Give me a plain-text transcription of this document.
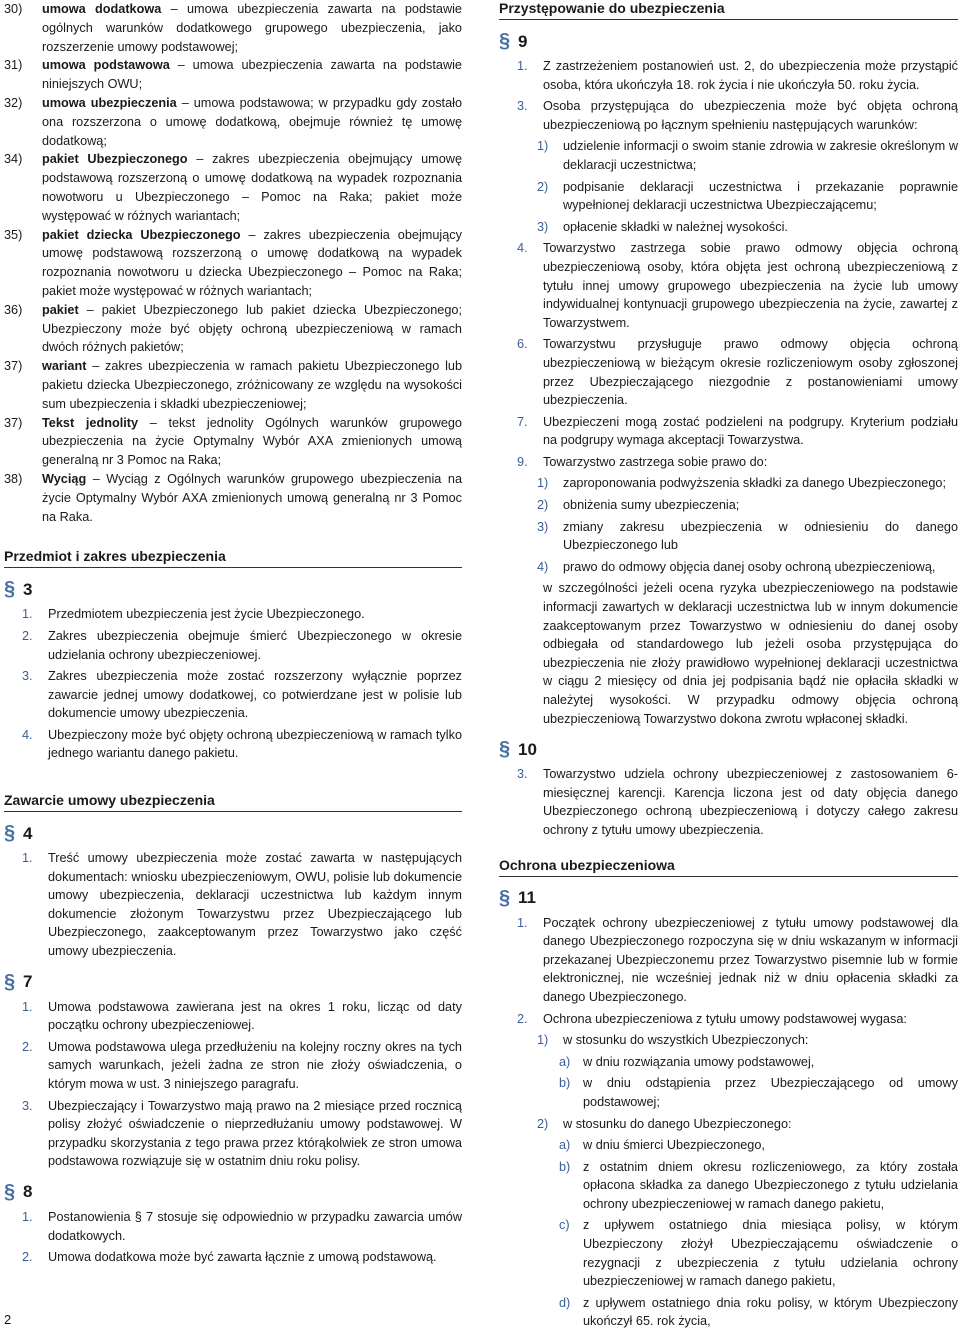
30)	umowa dodatkowa – umowa ubezpieczenia zawarta na podstawie ogólnych warunków dodatkowego grupowego ubezpieczenia, jako rozszerzenie umowy podstawowej;
31)	umowa podstawowa – umowa ubezpieczenia zawarta na podstawie niniejszych OWU;
32)	umowa ubezpieczenia – umowa podstawowa; w przypadku gdy zostało ona rozszerzona o umowę dodatkową, obejmuje również tę umowę dodatkową;
34)	pakiet Ubezpieczonego – zakres ubezpieczenia obejmujący umowę podstawową rozszerzoną o umowę dodatkową na wypadek rozpoznania nowotworu u Ubezpieczonego – Pomoc na Raka; pakiet może występować w różnych wariantach;
35)	pakiet dziecka Ubezpieczonego – zakres ubezpieczenia obejmujący umowę podstawową rozszerzoną o umowę dodatkową na wypadek rozpoznania nowotworu u dziecka Ubezpieczonego – Pomoc na Raka; pakiet może występować w różnych wariantach;
36)	pakiet – pakiet Ubezpieczonego lub pakiet dziecka Ubezpieczonego; Ubezpieczony może być objęty ochroną ubezpieczeniową w ramach dwóch różnych pakietów;
37)	wariant – zakres ubezpieczenia w ramach pakietu Ubezpieczonego lub pakietu dziecka Ubezpieczonego, zróżnicowany ze względu na wysokości sum ubezpieczenia i składki ubezpieczeniowej;
37)	Tekst jednolity – tekst jednolity Ogólnych warunków grupowego ubezpieczenia na życie Optymalny Wybór AXA zmienionych umową generalną nr 3 Pomoc na Raka;
38)	Wyciąg – Wyciąg z Ogólnych warunków grupowego ubezpieczenia na życie Optymalny Wybór AXA zmienionych umową generalną nr 3 Pomoc na Raka.
Przedmiot i zakres ubezpieczenia
§ 3
1.	Przedmiotem ubezpieczenia jest życie Ubezpieczonego.
2.	Zakres ubezpieczenia obejmuje śmierć Ubezpieczonego w okresie udzielania ochrony ubezpieczeniowej.
3.	Zakres ubezpieczenia może zostać rozszerzony wyłącznie poprzez zawarcie jednej umowy dodatkowej, co potwierdzane jest w polisie lub dokumencie umowy ubezpieczenia.
4.	Ubezpieczony może być objęty ochroną ubezpieczeniową w ramach tylko jednego wariantu danego pakietu.
Zawarcie umowy ubezpieczenia
§ 4
1.	Treść umowy ubezpieczenia może zostać zawarta w następujących dokumentach: wniosku ubezpieczeniowym, OWU, polisie lub dokumencie umowy ubezpieczenia, deklaracji uczestnictwa lub każdym innym dokumencie złożonym Towarzystwu przez Ubezpieczającego lub Ubezpieczonego, zaakceptowanym przez Towarzystwo jako część umowy ubezpieczenia.
§ 7
1.	Umowa podstawowa zawierana jest na okres 1 roku, licząc od daty początku ochrony ubezpieczeniowej.
2.	Umowa podstawowa ulega przedłużeniu na kolejny roczny okres na tych samych warunkach, jeżeli żadna ze stron nie złoży oświadczenia, o którym mowa w ust. 3 niniejszego paragrafu.
3.	Ubezpieczający i Towarzystwo mają prawo na 2 miesiące przed rocznicą polisy złożyć oświadczenie o nieprzedłużaniu umowy podstawowej. W przypadku skorzystania z tego prawa przez którąkolwiek ze stron umowa podstawowa rozwiązuje się w ostatnim dniu roku polisy.
§ 8
1.	Postanowienia § 7 stosuje się odpowiednio w przypadku zawarcia umów dodatkowych.
2.	Umowa dodatkowa może być zawarta łącznie z umową podstawową.
Przystępowanie do ubezpieczenia
§ 9
1.	Z zastrzeżeniem postanowień ust. 2, do ubezpieczenia może przystąpić osoba, która ukończyła 18. rok życia i nie ukończyła 50. roku życia.
3.	Osoba przystępująca do ubezpieczenia może być objęta ochroną ubezpieczeniową po łącznym spełnieniu następujących warunków:
1)	udzielenie informacji o swoim stanie zdrowia w zakresie określonym w deklaracji uczestnictwa;
2)	podpisanie deklaracji uczestnictwa i przekazanie poprawnie wypełnionej deklaracji uczestnictwa Ubezpieczającemu;
3)	opłacenie składki w należnej wysokości.
4.	Towarzystwo zastrzega sobie prawo odmowy objęcia ochroną ubezpieczeniową osoby, która objęta jest ochroną ubezpieczeniową z tytułu innej umowy grupowego ubezpieczenia na życie lub umowy indywidualnej kontynuacji grupowego ubezpieczenia na życie, zawartej z Towarzystwem.
6.	Towarzystwu przysługuje prawo odmowy objęcia ochroną ubezpieczeniową w bieżącym okresie rozliczeniowym osoby zgłoszonej przez Ubezpieczającego niezgodnie z postanowieniami umowy ubezpieczenia.
7.	Ubezpieczeni mogą zostać podzieleni na podgrupy. Kryterium podziału na podgrupy wymaga akceptacji Towarzystwa.
9.	Towarzystwo zastrzega sobie prawo do:
1)	zaproponowania podwyższenia składki za danego Ubezpieczonego;
2)	obniżenia sumy ubezpieczenia;
3)	zmiany zakresu ubezpieczenia w odniesieniu do danego Ubezpieczonego lub
4)	prawo do odmowy objęcia danej osoby ochroną ubezpieczeniową,
w szczególności jeżeli ocena ryzyka ubezpieczeniowego na podstawie informacji zawartych w deklaracji uczestnictwa lub w innym dokumencie zaakceptowanym przez Towarzystwo w odniesieniu do danej osoby odbiegała od standardowego lub jeżeli osoba przystępująca do ubezpieczenia nie złoży prawidłowo wypełnionej deklaracji uczestnictwa w ciągu 2 miesięcy od dnia jej podpisania bądź nie opłaciła składki w należytej wysokości. W przypadku odmowy objęcia ochroną ubezpieczeniową Towarzystwo dokona zwrotu wpłaconej składki.
§ 10
3.	Towarzystwo udziela ochrony ubezpieczeniowej z zastosowaniem 6-miesięcznej karencji. Karencja liczona jest od daty objęcia danego Ubezpieczonego ochroną ubezpieczeniową i dotyczy całego zakresu ochrony z tytułu umowy ubezpieczenia.
Ochrona ubezpieczeniowa
§ 11
1.	Początek ochrony ubezpieczeniowej z tytułu umowy podstawowej dla danego Ubezpieczonego rozpoczyna się w dniu wskazanym w informacji przekazanej Ubezpieczonemu przez Towarzystwo pisemnie lub w formie elektronicznej, nie wcześniej jednak niż w dniu opłacenia składki za danego Ubezpieczonego.
2.	Ochrona ubezpieczeniowa z tytułu umowy podstawowej wygasa:
1)	w stosunku do wszystkich Ubezpieczonych:
a)	w dniu rozwiązania umowy podstawowej,
b)	w dniu odstąpienia przez Ubezpieczającego od umowy podstawowej;
2)	w stosunku do danego Ubezpieczonego:
a)	w dniu śmierci Ubezpieczonego,
b)	z ostatnim dniem okresu rozliczeniowego, za który została opłacona składka za danego Ubezpieczonego z tytułu udzielania ochrony ubezpieczeniowej w ramach danego pakietu,
c)	z upływem ostatniego dnia miesiąca polisy, w którym Ubezpieczony złożył Ubezpieczającemu oświadczenie o rezygnacji z ubezpieczenia z tytułu udzielania ochrony ubezpieczeniowej w ramach danego pakietu,
d)	z upływem ostatniego dnia roku polisy, w którym Ubezpieczony ukończył 65. rok życia,
2
